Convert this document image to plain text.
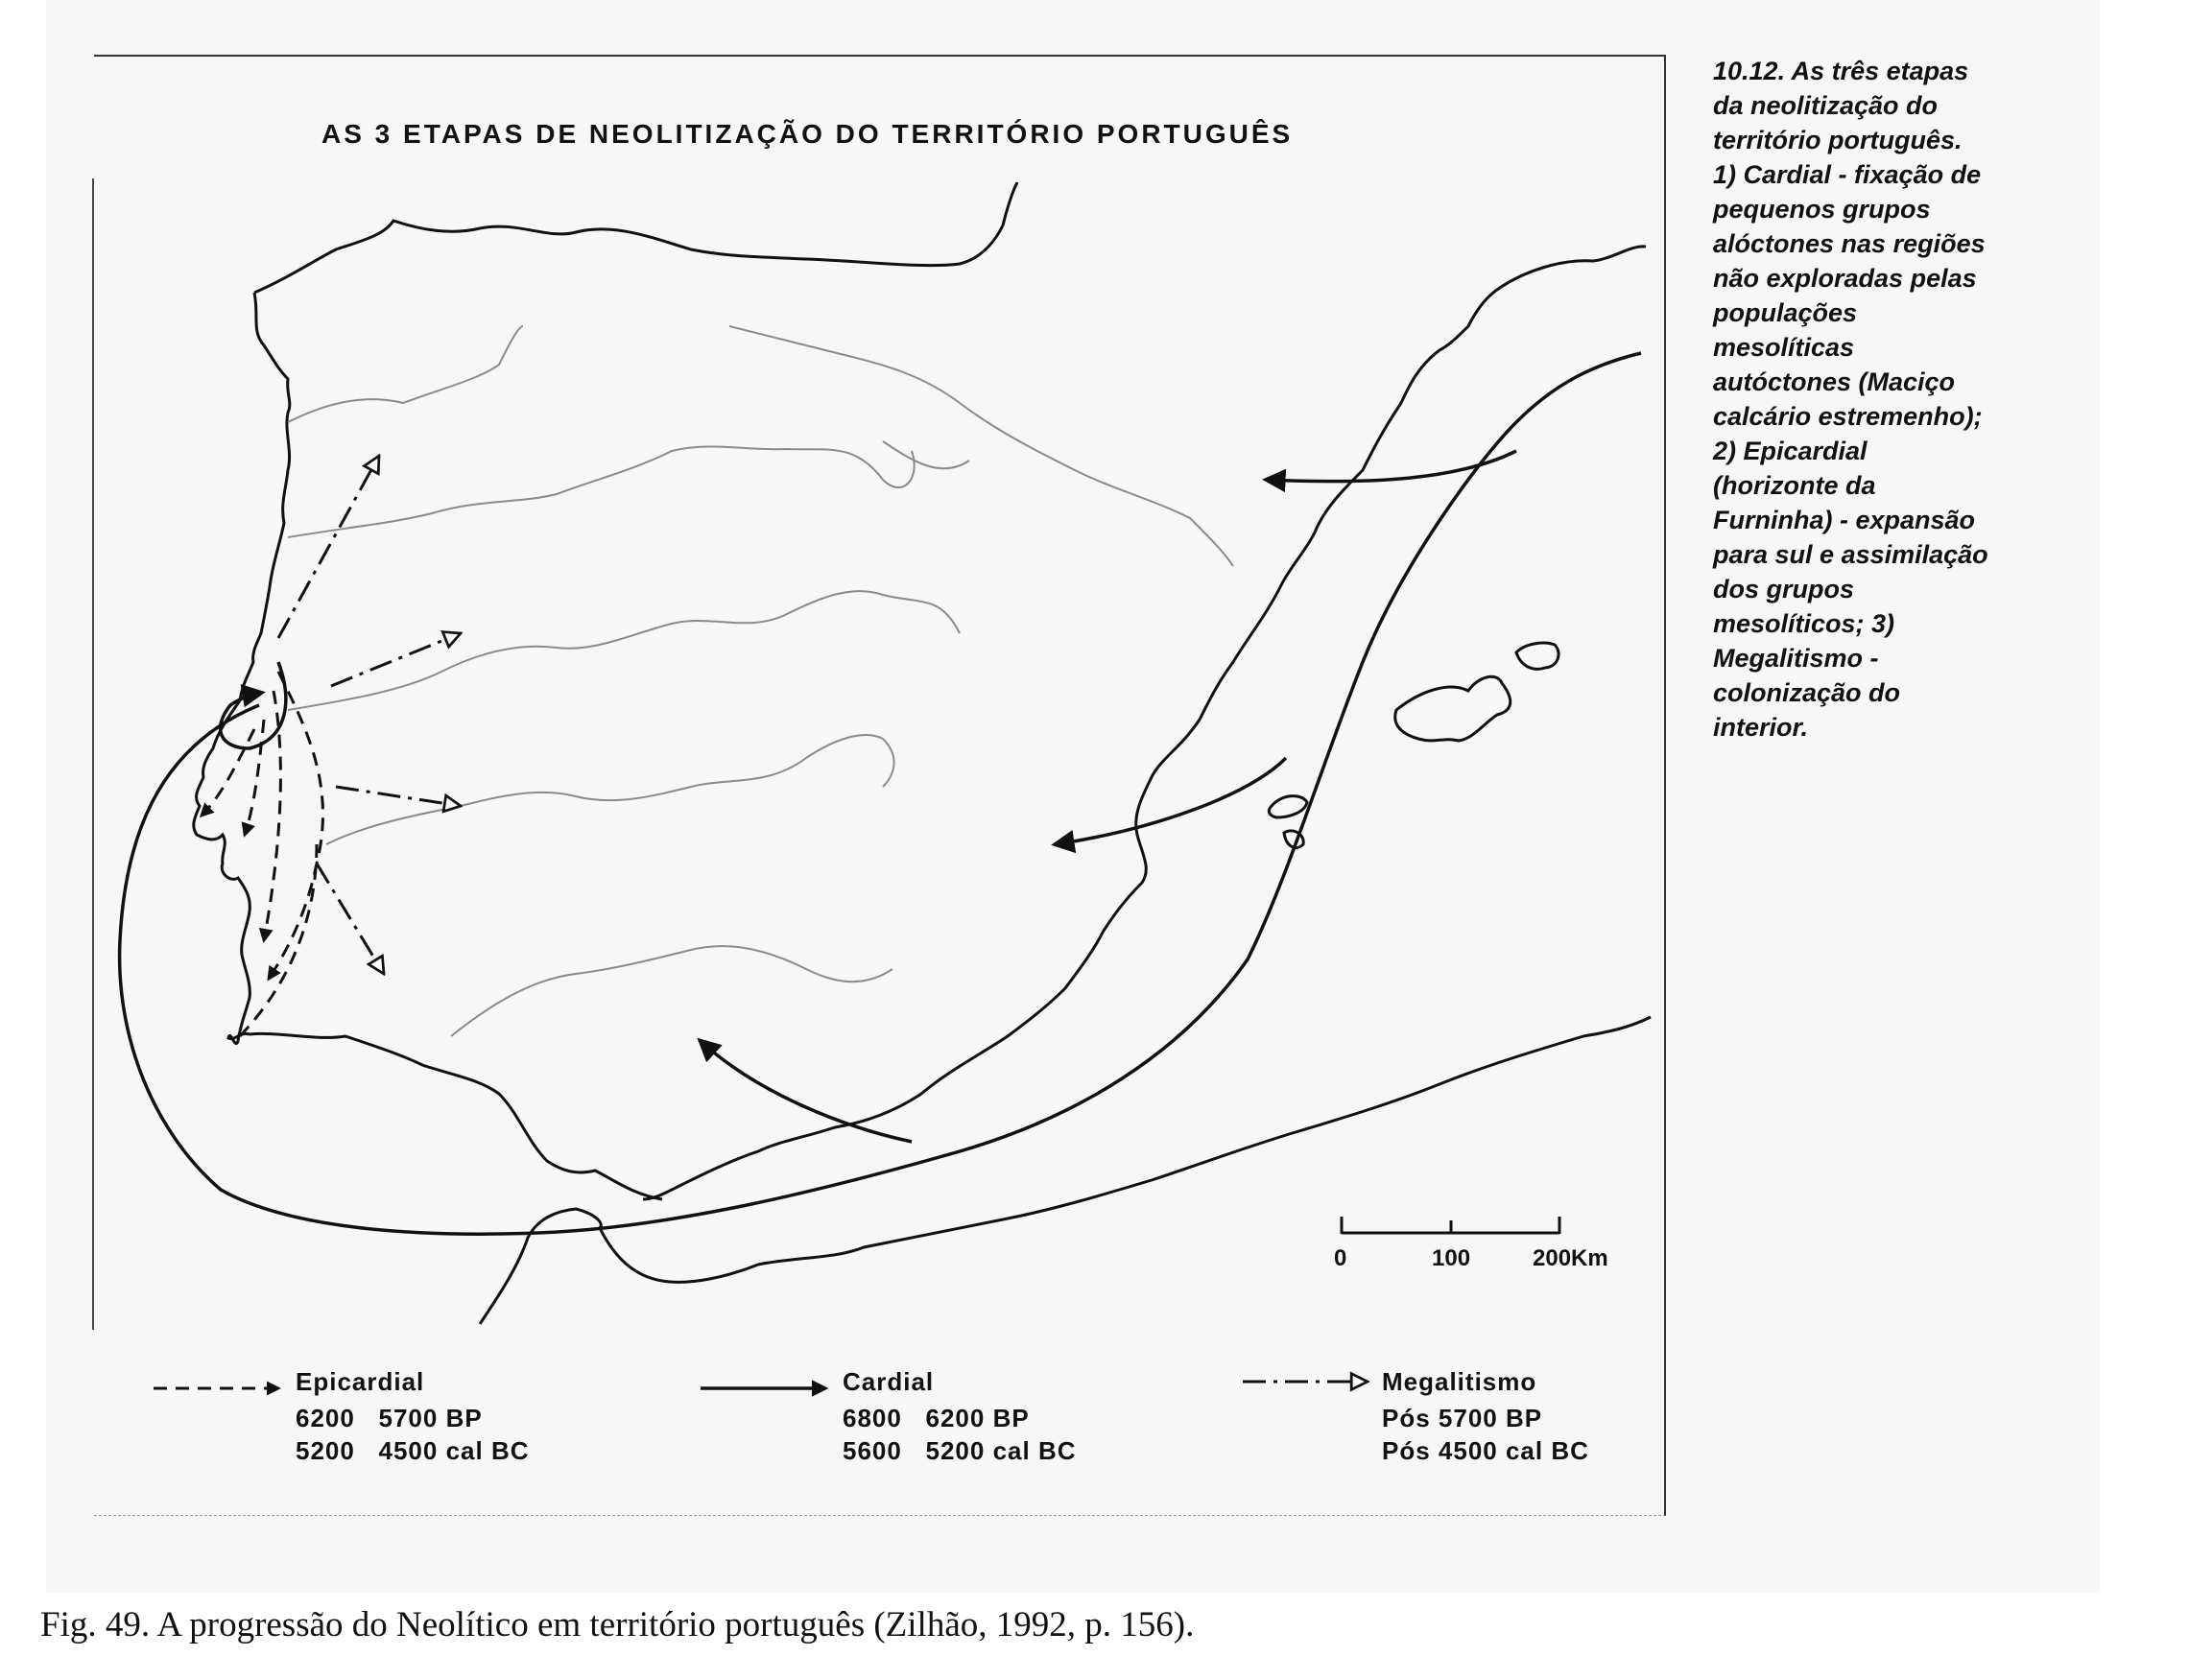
AS 3 ETAPAS DE NEOLITIZAÇÃO DO TERRITÓRIO PORTUGUÊS

10.12. As três etapas

da neolitização do

território português.

1) Cardial - fixação de

pequenos grupos

alóctones nas regiões

não exploradas pelas

populações

mesolíticas

autóctones (Maciço

calcário estremenho);

2) Epicardial

(horizonte da

Furninha) - expansão

para sul e assimilação

dos grupos

mesolíticos; 3)

Megalitismo -

colonização do

interior.

0	100	200Km
Epicardial
6200   5700 BP
5200   4500 cal BC
Cardial
6800   6200 BP
5600   5200 cal BC
Megalitismo
Pós 5700 BP
Pós 4500 cal BC
Fig. 49. A progressão do Neolítico em território português (Zilhão, 1992, p. 156).
